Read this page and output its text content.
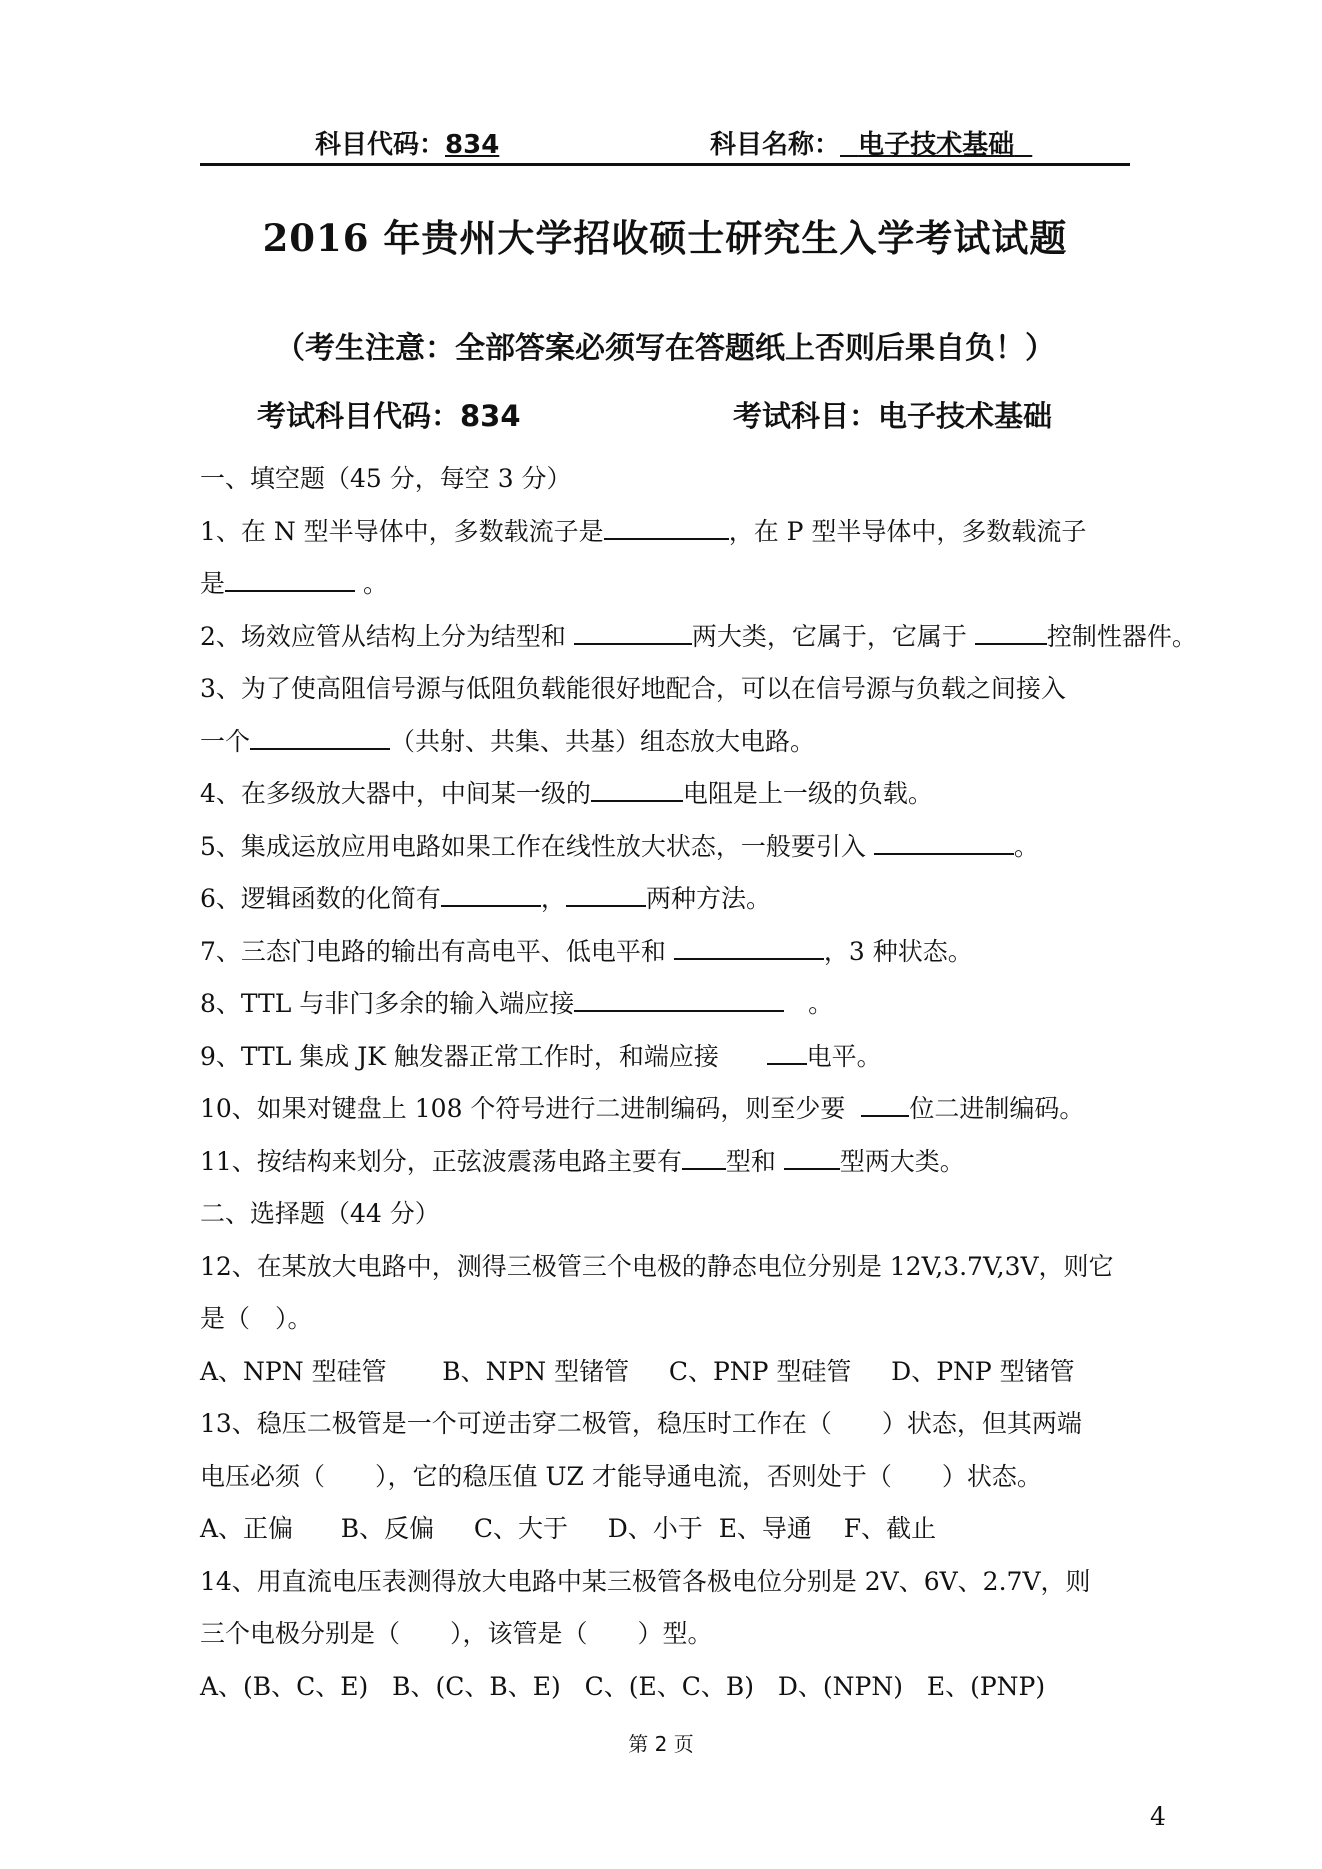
科目代码：834	科目名称： 电子技术基础
2016 年贵州大学招收硕士研究生入学考试试题
（考生注意：全部答案必须写在答题纸上否则后果自负！）
考试科目代码：834	考试科目：电子技术基础
一、填空题（45 分，每空 3 分）
1、在 N 型半导体中，多数载流子是	，在 P 型半导体中，多数载流子
是	。
2、场效应管从结构上分为结型和	两大类，它属于，它属于	控制性器件。
3、为了使高阻信号源与低阻负载能很好地配合，可以在信号源与负载之间接入
一个	（共射、共集、共基）组态放大电路。
4、在多级放大器中，中间某一级的	电阻是上一级的负载。
5、集成运放应用电路如果工作在线性放大状态，一般要引入	。
6、逻辑函数的化简有	，	两种方法。
7、三态门电路的输出有高电平、低电平和	，3 种状态。
8、TTL 与非门多余的输入端应接	。
9、TTL 集成 JK 触发器正常工作时，和端应接	电平。
10、如果对键盘上 108 个符号进行二进制编码，则至少要	位二进制编码。
11、按结构来划分，正弦波震荡电路主要有 型和	型两大类。
二、选择题（44 分）
12、在某放大电路中，测得三极管三个电极的静态电位分别是 12V,3.7V,3V，则它
是（　）。
A、NPN 型硅管 B、NPN 型锗管 C、PNP 型硅管 D、PNP 型锗管
13、稳压二极管是一个可逆击穿二极管，稳压时工作在（　　）状态，但其两端
电压必须（　　），它的稳压值 UZ 才能导通电流，否则处于（　　）状态。
A、正偏 B、反偏 C、大于 D、小于 E、导通 F、截止
14、用直流电压表测得放大电路中某三极管各极电位分别是 2V、6V、2.7V，则
三个电极分别是（　　），该管是（　　）型。
A、(B、C、E) B、(C、B、E) C、(E、C、B) D、(NPN) E、(PNP)
第 2 页
4
